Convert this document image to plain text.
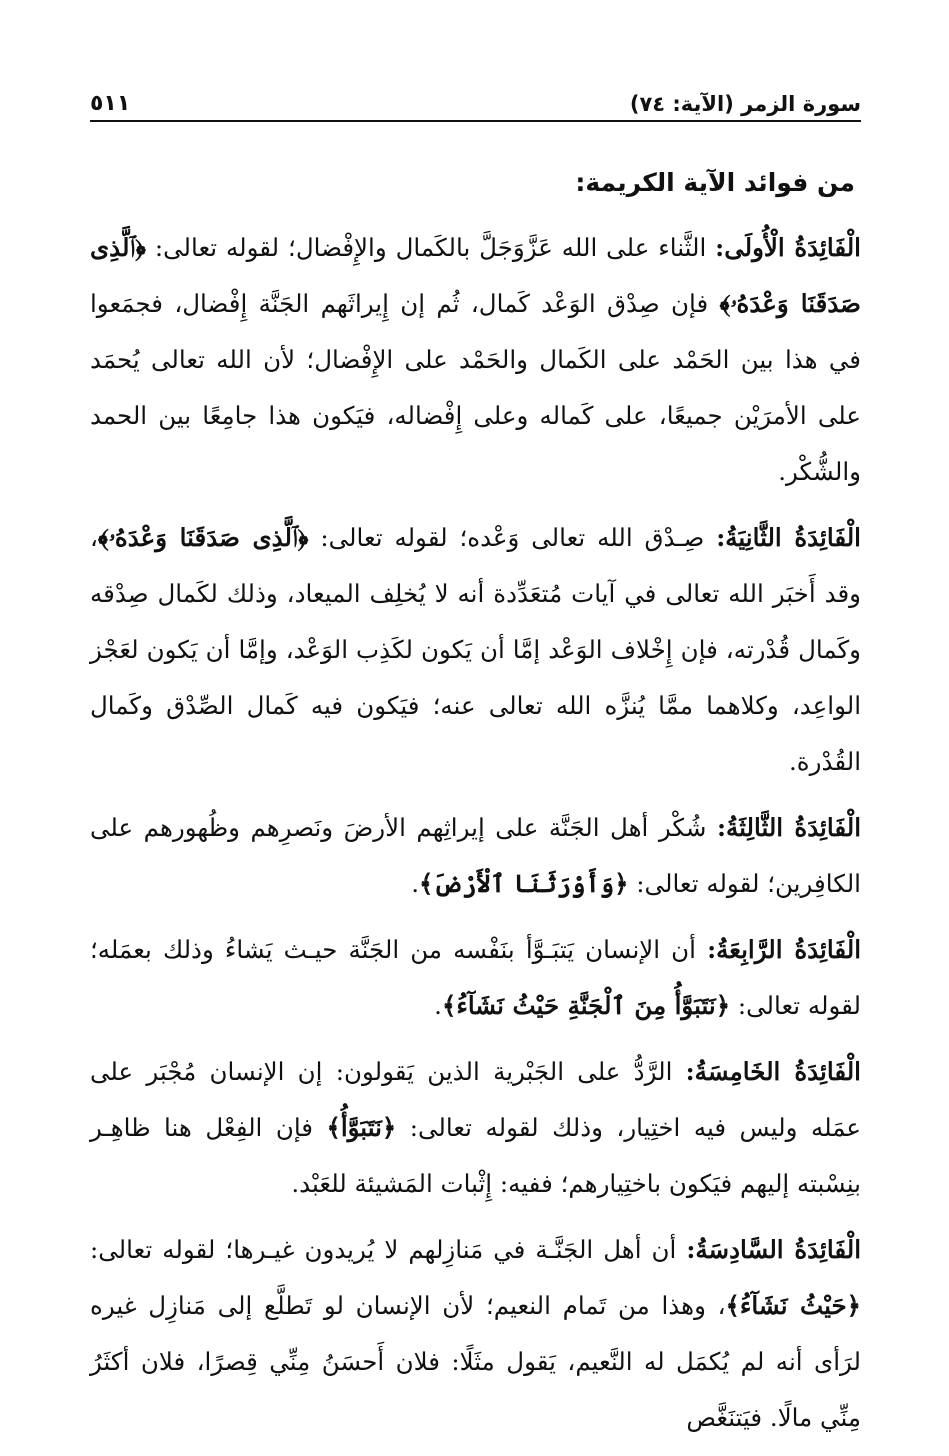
سورة الزمر (الآية: ٧٤)
٥١١
من فوائد الآية الكريمة:

الْفَائِدَةُ الْأُولَى: الثَّناء على الله عَزَّوَجَلَّ بالكَمال والإِفْضال؛ لقوله تعالى: ﴿ ٱلَّذِى صَدَقَنَا وَعْدَهُۥ ﴾ فإن صِدْق الوَعْد كَمال، ثُم إن إِيراثَهم الجَنَّة إِفْضال، فجمَعوا في هذا بين الحَمْد على الكَمال والحَمْد على الإِفْضال؛ لأن الله تعالى يُحمَد على الأمرَيْن جميعًا، على كَماله وعلى إِفْضاله، فيَكون هذا جامِعًا بين الحمد والشُّكْر.

الْفَائِدَةُ الثَّانِيَةُ: صِـدْق الله تعالى وَعْده؛ لقوله تعالى: ﴿ ٱلَّذِى صَدَقَنَا وَعْدَهُۥ ﴾، وقد أَخبَر الله تعالى في آيات مُتعَدِّدة أنه لا يُخلِف الميعاد، وذلك لكَمال صِدْقه وكَمال قُدْرته، فإن إِخْلاف الوَعْد إمَّا أن يَكون لكَذِب الوَعْد، وإمَّا أن يَكون لعَجْز الواعِد، وكلاهما ممَّا يُنزَّه الله تعالى عنه؛ فيَكون فيه كَمال الصِّدْق وكَمال القُدْرة.

الْفَائِدَةُ الثَّالِثَةُ: شُكْر أهل الجَنَّة على إيراثِهم الأرضَ ونَصرِهم وظُهورهم على الكافِرين؛ لقوله تعالى: ﴿ وَأَوْرَثَنَا ٱلْأَرْضَ ﴾.

الْفَائِدَةُ الرَّابِعَةُ: أن الإنسان يَتبَـوَّأ بنَفْسه من الجَنَّة حيـث يَشاءُ وذلك بعمَله؛ لقوله تعالى: ﴿ نَتَبَوَّأُ مِنَ ٱلْجَنَّةِ حَيْثُ نَشَآءُ ﴾.

الْفَائِدَةُ الخَامِسَةُ: الرَّدُّ على الجَبْرية الذين يَقولون: إن الإنسان مُجْبَر على عمَله وليس فيه اختِيار، وذلك لقوله تعالى: ﴿ نَتَبَوَّأُ ﴾ فإن الفِعْل هنا ظاهِـر بنِسْبته إليهم فيَكون باختِيارهم؛ ففيه: إِثْبات المَشيئة للعَبْد.

الْفَائِدَةُ السَّادِسَةُ: أن أهل الجَنَّـة في مَنازِلهم لا يُريدون غيـرها؛ لقوله تعالى: ﴿ حَيْثُ نَشَآءُ ﴾، وهذا من تَمام النعيم؛ لأن الإنسان لو تَطلَّع إلى مَنازِل غيره لرَأى أنه لم يُكمَل له النَّعيم، يَقول مثَلًا: فلان أَحسَنُ مِنِّي قِصرًا، فلان أكثَرُ مِنِّي مالًا. فيَتنَغَّص
